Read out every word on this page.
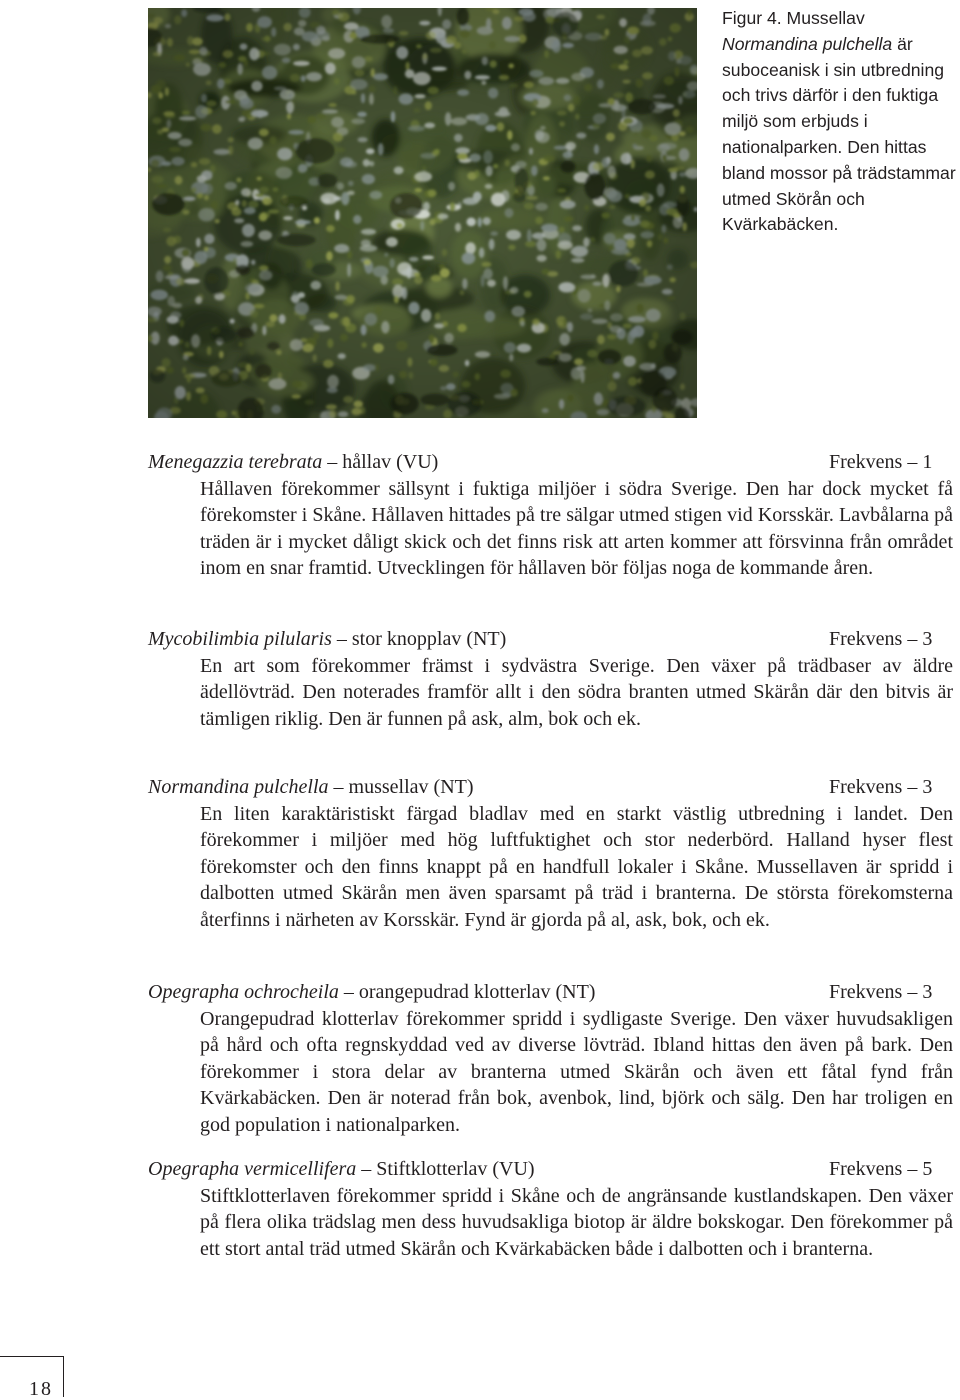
Figur 4. Mussellav Normandina pulchella är suboceanisk i sin utbredning och trivs därför i den fuktiga miljö som erbjuds i nationalparken. Den hittas bland mossor på trädstammar utmed Skörån och Kvärkabäcken.
Menegazzia terebrata – hållav (VU)	Frekvens – 1
Hållaven förekommer sällsynt i fuktiga miljöer i södra Sverige. Den har dock mycket få förekomster i Skåne. Hållaven hittades på tre sälgar utmed stigen vid Korsskär. Lavbålarna på träden är i mycket dåligt skick och det finns risk att arten kommer att försvinna från området inom en snar framtid. Utvecklingen för hållaven bör följas noga de kommande åren.
Mycobilimbia pilularis – stor knopplav (NT)	Frekvens – 3
En art som förekommer främst i sydvästra Sverige. Den växer på trädbaser av äldre ädellövträd. Den noterades framför allt i den södra branten utmed Skärån där den bitvis är tämligen riklig. Den är funnen på ask, alm, bok och ek.
Normandina pulchella – mussellav (NT)	Frekvens – 3
En liten karaktäristiskt färgad bladlav med en starkt västlig utbredning i landet. Den förekommer i miljöer med hög luftfuktighet och stor nederbörd. Halland hyser flest förekomster och den finns knappt på en handfull lokaler i Skåne. Mussellaven är spridd i dalbotten utmed Skärån men även sparsamt på träd i branterna. De största förekomsterna återfinns i närheten av Korsskär. Fynd är gjorda på al, ask, bok, och ek.
Opegrapha ochrocheila – orangepudrad klotterlav (NT)	Frekvens – 3
Orangepudrad klotterlav förekommer spridd i sydligaste Sverige. Den växer huvudsakligen på hård och ofta regnskyddad ved av diverse lövträd. Ibland hittas den även på bark. Den förekommer i stora delar av branterna utmed Skärån och även ett fåtal fynd från Kvärkabäcken. Den är noterad från bok, avenbok, lind, björk och sälg. Den har troligen en god population i nationalparken.
Opegrapha vermicellifera – Stiftklotterlav (VU)	Frekvens – 5
Stiftklotterlaven förekommer spridd i Skåne och de angränsande kustlandskapen. Den växer på flera olika trädslag men dess huvudsakliga biotop är äldre bokskogar. Den förekommer på ett stort antal träd utmed Skärån och Kvärkabäcken både i dalbotten och i branterna.
18
